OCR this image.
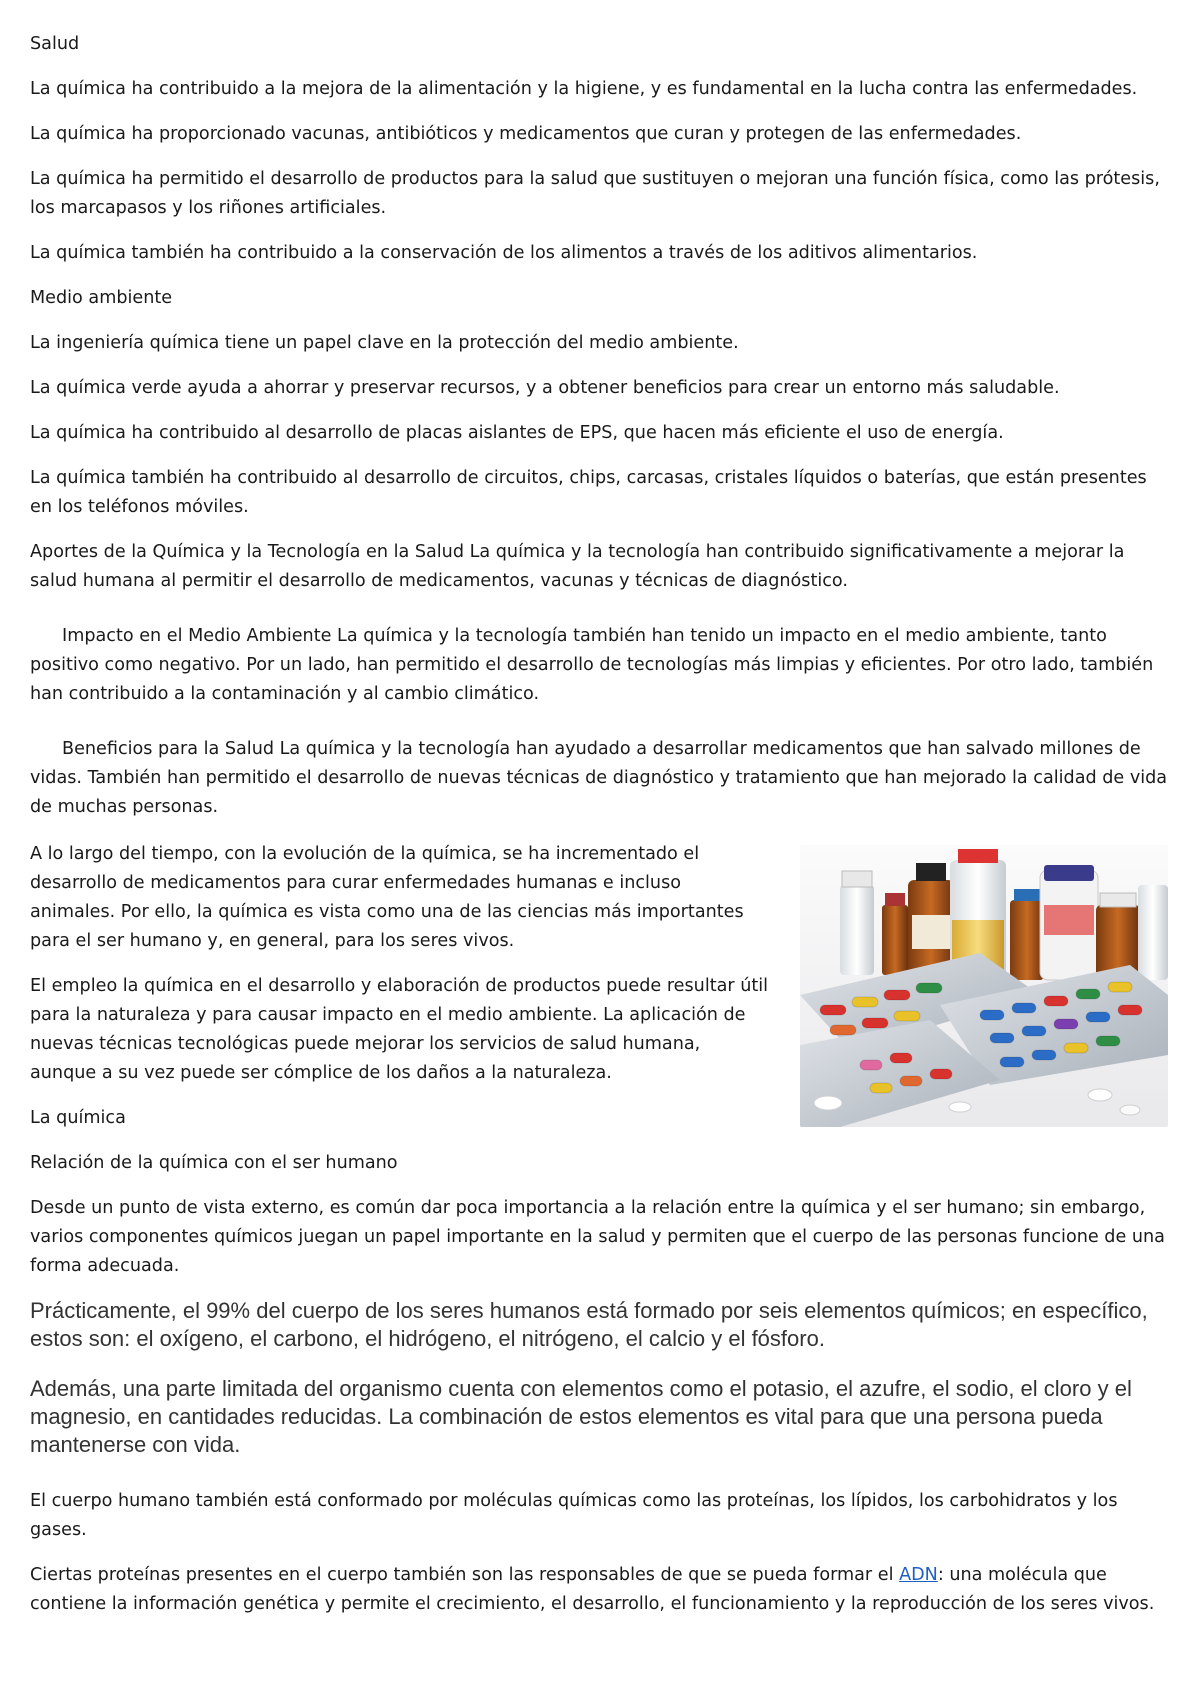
Salud

La química ha contribuido a la mejora de la alimentación y la higiene, y es fundamental en la lucha contra las enfermedades.

La química ha proporcionado vacunas, antibióticos y medicamentos que curan y protegen de las enfermedades.

La química ha permitido el desarrollo de productos para la salud que sustituyen o mejoran una función física, como las prótesis, los marcapasos y los riñones artificiales.

La química también ha contribuido a la conservación de los alimentos a través de los aditivos alimentarios.

Medio ambiente

La ingeniería química tiene un papel clave en la protección del medio ambiente.

La química verde ayuda a ahorrar y preservar recursos, y a obtener beneficios para crear un entorno más saludable.

La química ha contribuido al desarrollo de placas aislantes de EPS, que hacen más eficiente el uso de energía.

La química también ha contribuido al desarrollo de circuitos, chips, carcasas, cristales líquidos o baterías, que están presentes en los teléfonos móviles.

Aportes de la Química y la Tecnología en la Salud La química y la tecnología han contribuido significativamente a mejorar la salud humana al permitir el desarrollo de medicamentos, vacunas y técnicas de diagnóstico.

Impacto en el Medio Ambiente La química y la tecnología también han tenido un impacto en el medio ambiente, tanto positivo como negativo. Por un lado, han permitido el desarrollo de tecnologías más limpias y eficientes. Por otro lado, también han contribuido a la contaminación y al cambio climático.

Beneficios para la Salud La química y la tecnología han ayudado a desarrollar medicamentos que han salvado millones de vidas. También han permitido el desarrollo de nuevas técnicas de diagnóstico y tratamiento que han mejorado la calidad de vida de muchas personas.

A lo largo del tiempo, con la evolución de la química, se ha incrementado el desarrollo de medicamentos para curar enfermedades humanas e incluso animales. Por ello, la química es vista como una de las ciencias más importantes para el ser humano y, en general, para los seres vivos.

El empleo la química en el desarrollo y elaboración de productos puede resultar útil para la naturaleza y para causar impacto en el medio ambiente. La aplicación de nuevas técnicas tecnológicas puede mejorar los servicios de salud humana, aunque a su vez puede ser cómplice de los daños a la naturaleza.

La química

Relación de la química con el ser humano

Desde un punto de vista externo, es común dar poca importancia a la relación entre la química y el ser humano; sin embargo, varios componentes químicos juegan un papel importante en la salud y permiten que el cuerpo de las personas funcione de una forma adecuada.

Prácticamente, el 99% del cuerpo de los seres humanos está formado por seis elementos químicos; en específico, estos son: el oxígeno, el carbono, el hidrógeno, el nitrógeno, el calcio y el fósforo.

Además, una parte limitada del organismo cuenta con elementos como el potasio, el azufre, el sodio, el cloro y el magnesio, en cantidades reducidas. La combinación de estos elementos es vital para que una persona pueda mantenerse con vida.

El cuerpo humano también está conformado por moléculas químicas como las proteínas, los lípidos, los carbohidratos y los gases.

Ciertas proteínas presentes en el cuerpo también son las responsables de que se pueda formar el ADN: una molécula que contiene la información genética y permite el crecimiento, el desarrollo, el funcionamiento y la reproducción de los seres vivos.
